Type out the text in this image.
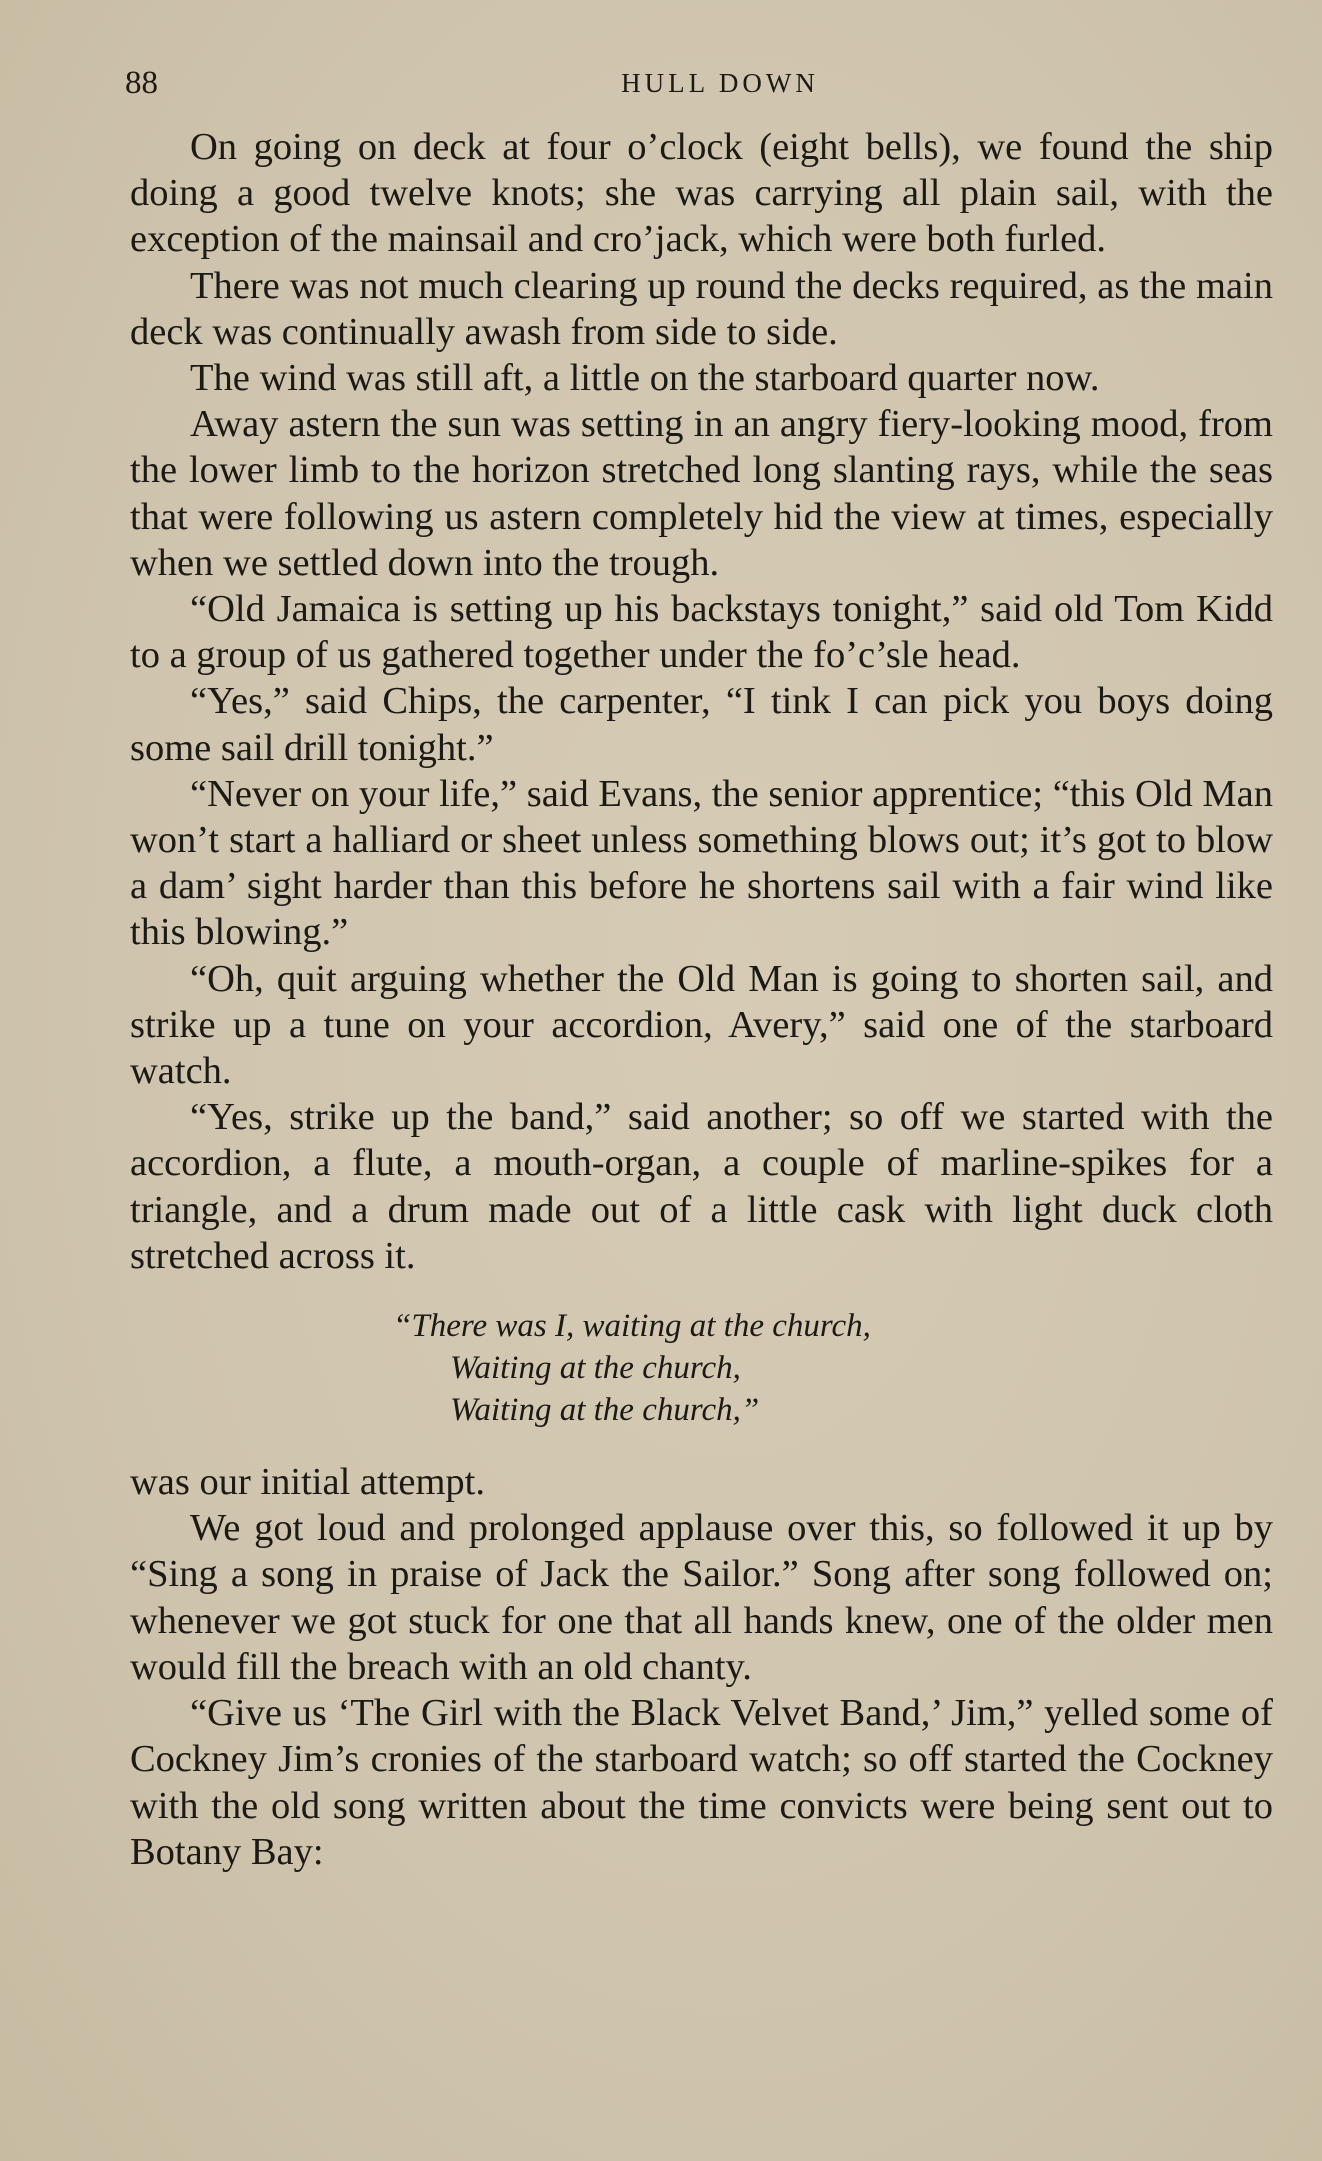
88	HULL DOWN

On going on deck at four o’clock (eight bells), we found the ship doing a good twelve knots; she was carrying all plain sail, with the exception of the mainsail and cro’jack, which were both furled.

There was not much clearing up round the decks required, as the main deck was continually awash from side to side.

The wind was still aft, a little on the starboard quarter now.

Away astern the sun was setting in an angry fiery-looking mood, from the lower limb to the horizon stretched long slanting rays, while the seas that were following us astern completely hid the view at times, especially when we settled down into the trough.

“Old Jamaica is setting up his backstays tonight,” said old Tom Kidd to a group of us gathered together under the fo’c’sle head.

“Yes,” said Chips, the carpenter, “I tink I can pick you boys doing some sail drill tonight.”

“Never on your life,” said Evans, the senior apprentice; “this Old Man won’t start a halliard or sheet unless something blows out; it’s got to blow a dam’ sight harder than this before he shortens sail with a fair wind like this blowing.”

“Oh, quit arguing whether the Old Man is going to shorten sail, and strike up a tune on your accordion, Avery,” said one of the starboard watch.

“Yes, strike up the band,” said another; so off we started with the accordion, a flute, a mouth-organ, a couple of marline-spikes for a triangle, and a drum made out of a little cask with light duck cloth stretched across it.

“There was I, waiting at the church,
Waiting at the church,
Waiting at the church,”

was our initial attempt.

We got loud and prolonged applause over this, so followed it up by “Sing a song in praise of Jack the Sailor.” Song after song followed on; whenever we got stuck for one that all hands knew, one of the older men would fill the breach with an old chanty.

“Give us ‘The Girl with the Black Velvet Band,’ Jim,” yelled some of Cockney Jim’s cronies of the starboard watch; so off started the Cockney with the old song written about the time convicts were being sent out to Botany Bay:
